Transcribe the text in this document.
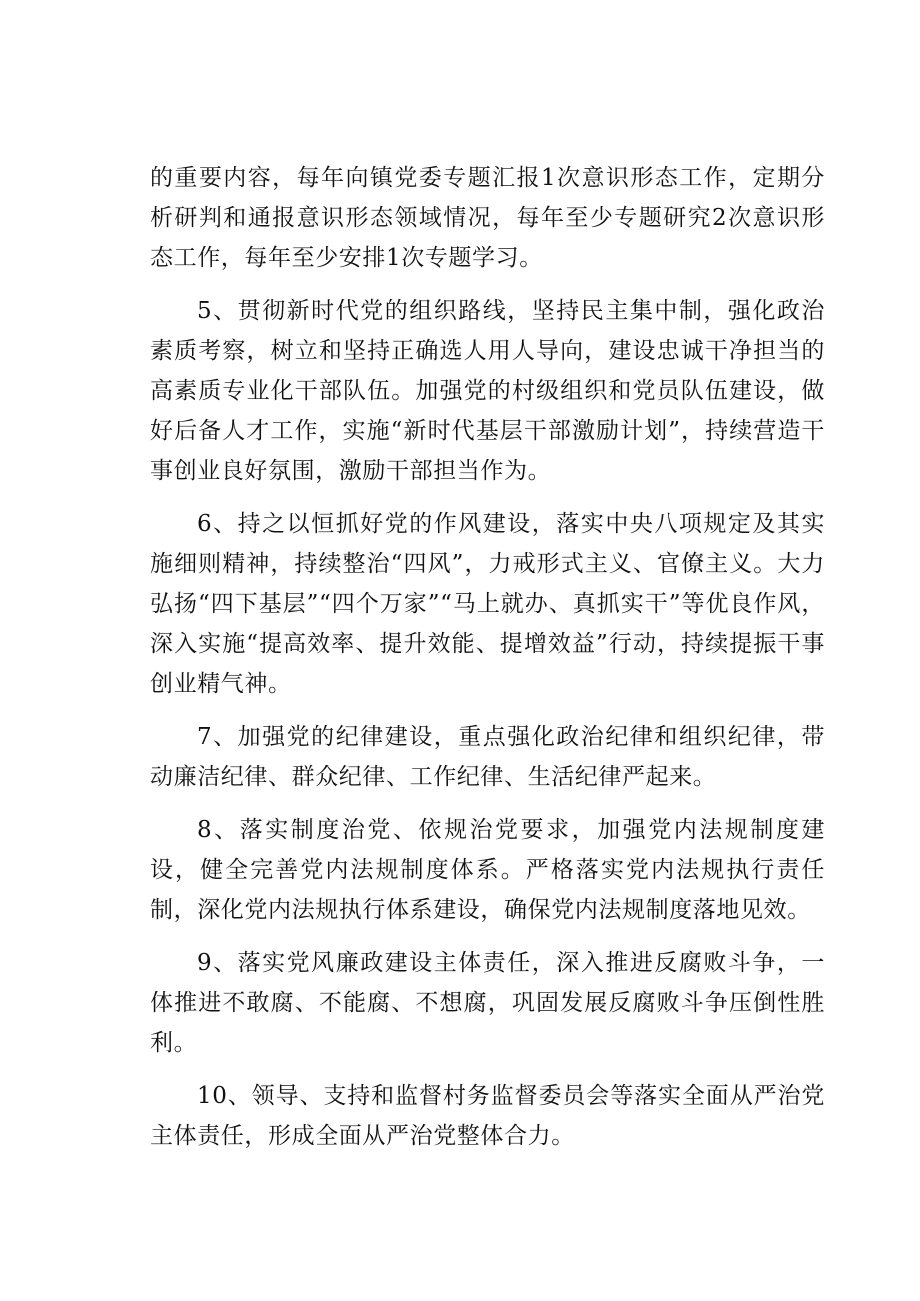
的重要内容，每年向镇党委专题汇报1次意识形态工作，定期分析研判和通报意识形态领域情况，每年至少专题研究2次意识形态工作，每年至少安排1次专题学习。

5、贯彻新时代党的组织路线，坚持民主集中制，强化政治素质考察，树立和坚持正确选人用人导向，建设忠诚干净担当的高素质专业化干部队伍。加强党的村级组织和党员队伍建设，做好后备人才工作，实施“新时代基层干部激励计划”，持续营造干事创业良好氛围，激励干部担当作为。

6、持之以恒抓好党的作风建设，落实中央八项规定及其实施细则精神，持续整治“四风”，力戒形式主义、官僚主义。大力弘扬“四下基层”“四个万家”“马上就办、真抓实干”等优良作风，深入实施“提高效率、提升效能、提增效益”行动，持续提振干事创业精气神。

7、加强党的纪律建设，重点强化政治纪律和组织纪律，带动廉洁纪律、群众纪律、工作纪律、生活纪律严起来。

8、落实制度治党、依规治党要求，加强党内法规制度建设，健全完善党内法规制度体系。严格落实党内法规执行责任制，深化党内法规执行体系建设，确保党内法规制度落地见效。

9、落实党风廉政建设主体责任，深入推进反腐败斗争，一体推进不敢腐、不能腐、不想腐，巩固发展反腐败斗争压倒性胜利。

10、领导、支持和监督村务监督委员会等落实全面从严治党主体责任，形成全面从严治党整体合力。
